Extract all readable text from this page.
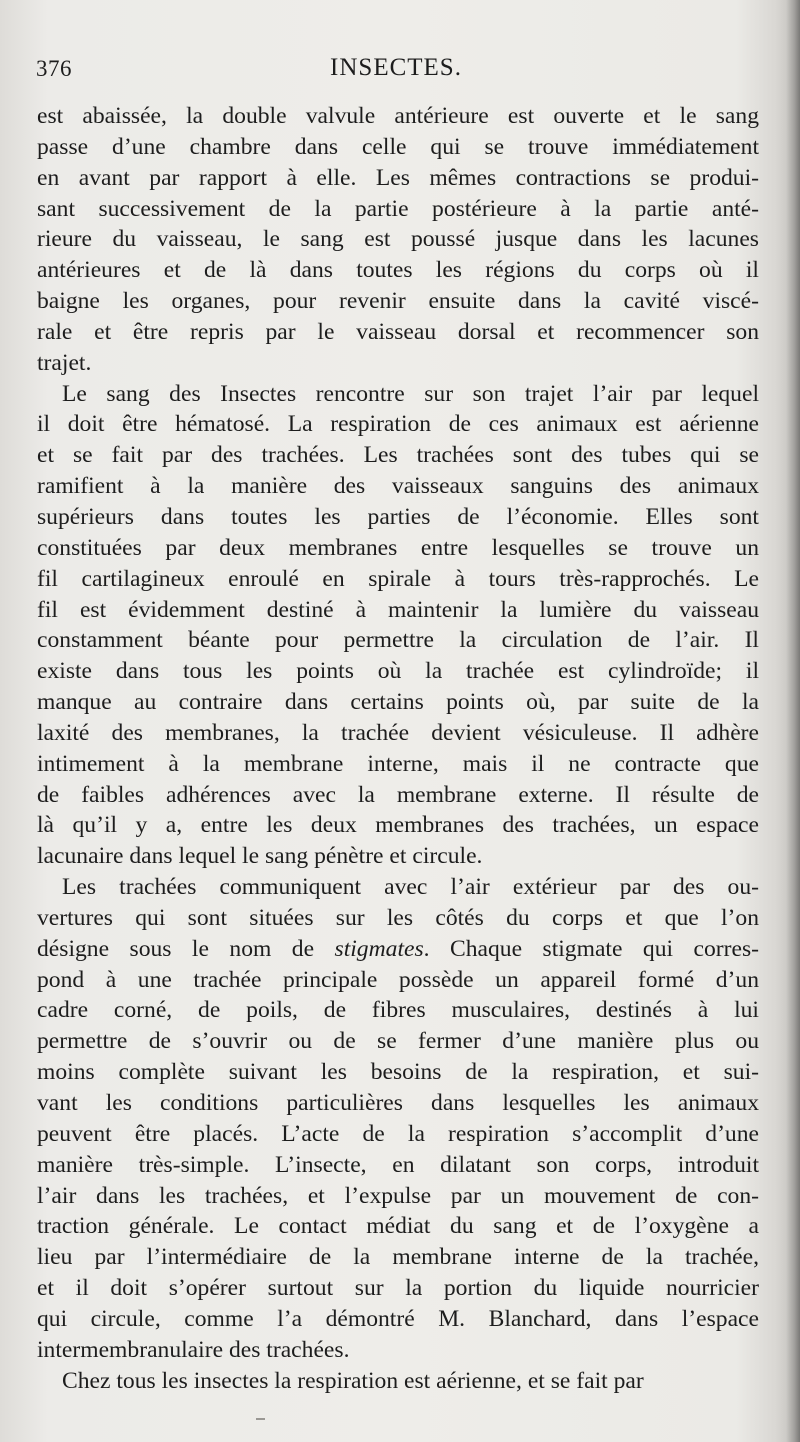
376	INSECTES.
est abaissée, la double valvule antérieure est ouverte et le sang
passe d’une chambre dans celle qui se trouve immédiatement
en avant par rapport à elle. Les mêmes contractions se produi-
sant successivement de la partie postérieure à la partie anté-
rieure du vaisseau, le sang est poussé jusque dans les lacunes
antérieures et de là dans toutes les régions du corps où il
baigne les organes, pour revenir ensuite dans la cavité viscé-
rale et être repris par le vaisseau dorsal et recommencer son
trajet.
Le sang des Insectes rencontre sur son trajet l’air par lequel
il doit être hématosé. La respiration de ces animaux est aérienne
et se fait par des trachées. Les trachées sont des tubes qui se
ramifient à la manière des vaisseaux sanguins des animaux
supérieurs dans toutes les parties de l’économie. Elles sont
constituées par deux membranes entre lesquelles se trouve un
fil cartilagineux enroulé en spirale à tours très-rapprochés. Le
fil est évidemment destiné à maintenir la lumière du vaisseau
constamment béante pour permettre la circulation de l’air. Il
existe dans tous les points où la trachée est cylindroïde; il
manque au contraire dans certains points où, par suite de la
laxité des membranes, la trachée devient vésiculeuse. Il adhère
intimement à la membrane interne, mais il ne contracte que
de faibles adhérences avec la membrane externe. Il résulte de
là qu’il y a, entre les deux membranes des trachées, un espace
lacunaire dans lequel le sang pénètre et circule.
Les trachées communiquent avec l’air extérieur par des ou-
vertures qui sont situées sur les côtés du corps et que l’on
désigne sous le nom de stigmates. Chaque stigmate qui corres-
pond à une trachée principale possède un appareil formé d’un
cadre corné, de poils, de fibres musculaires, destinés à lui
permettre de s’ouvrir ou de se fermer d’une manière plus ou
moins complète suivant les besoins de la respiration, et sui-
vant les conditions particulières dans lesquelles les animaux
peuvent être placés. L’acte de la respiration s’accomplit d’une
manière très-simple. L’insecte, en dilatant son corps, introduit
l’air dans les trachées, et l’expulse par un mouvement de con-
traction générale. Le contact médiat du sang et de l’oxygène a
lieu par l’intermédiaire de la membrane interne de la trachée,
et il doit s’opérer surtout sur la portion du liquide nourricier
qui circule, comme l’a démontré M. Blanchard, dans l’espace
intermembranulaire des trachées.
Chez tous les insectes la respiration est aérienne, et se fait par
